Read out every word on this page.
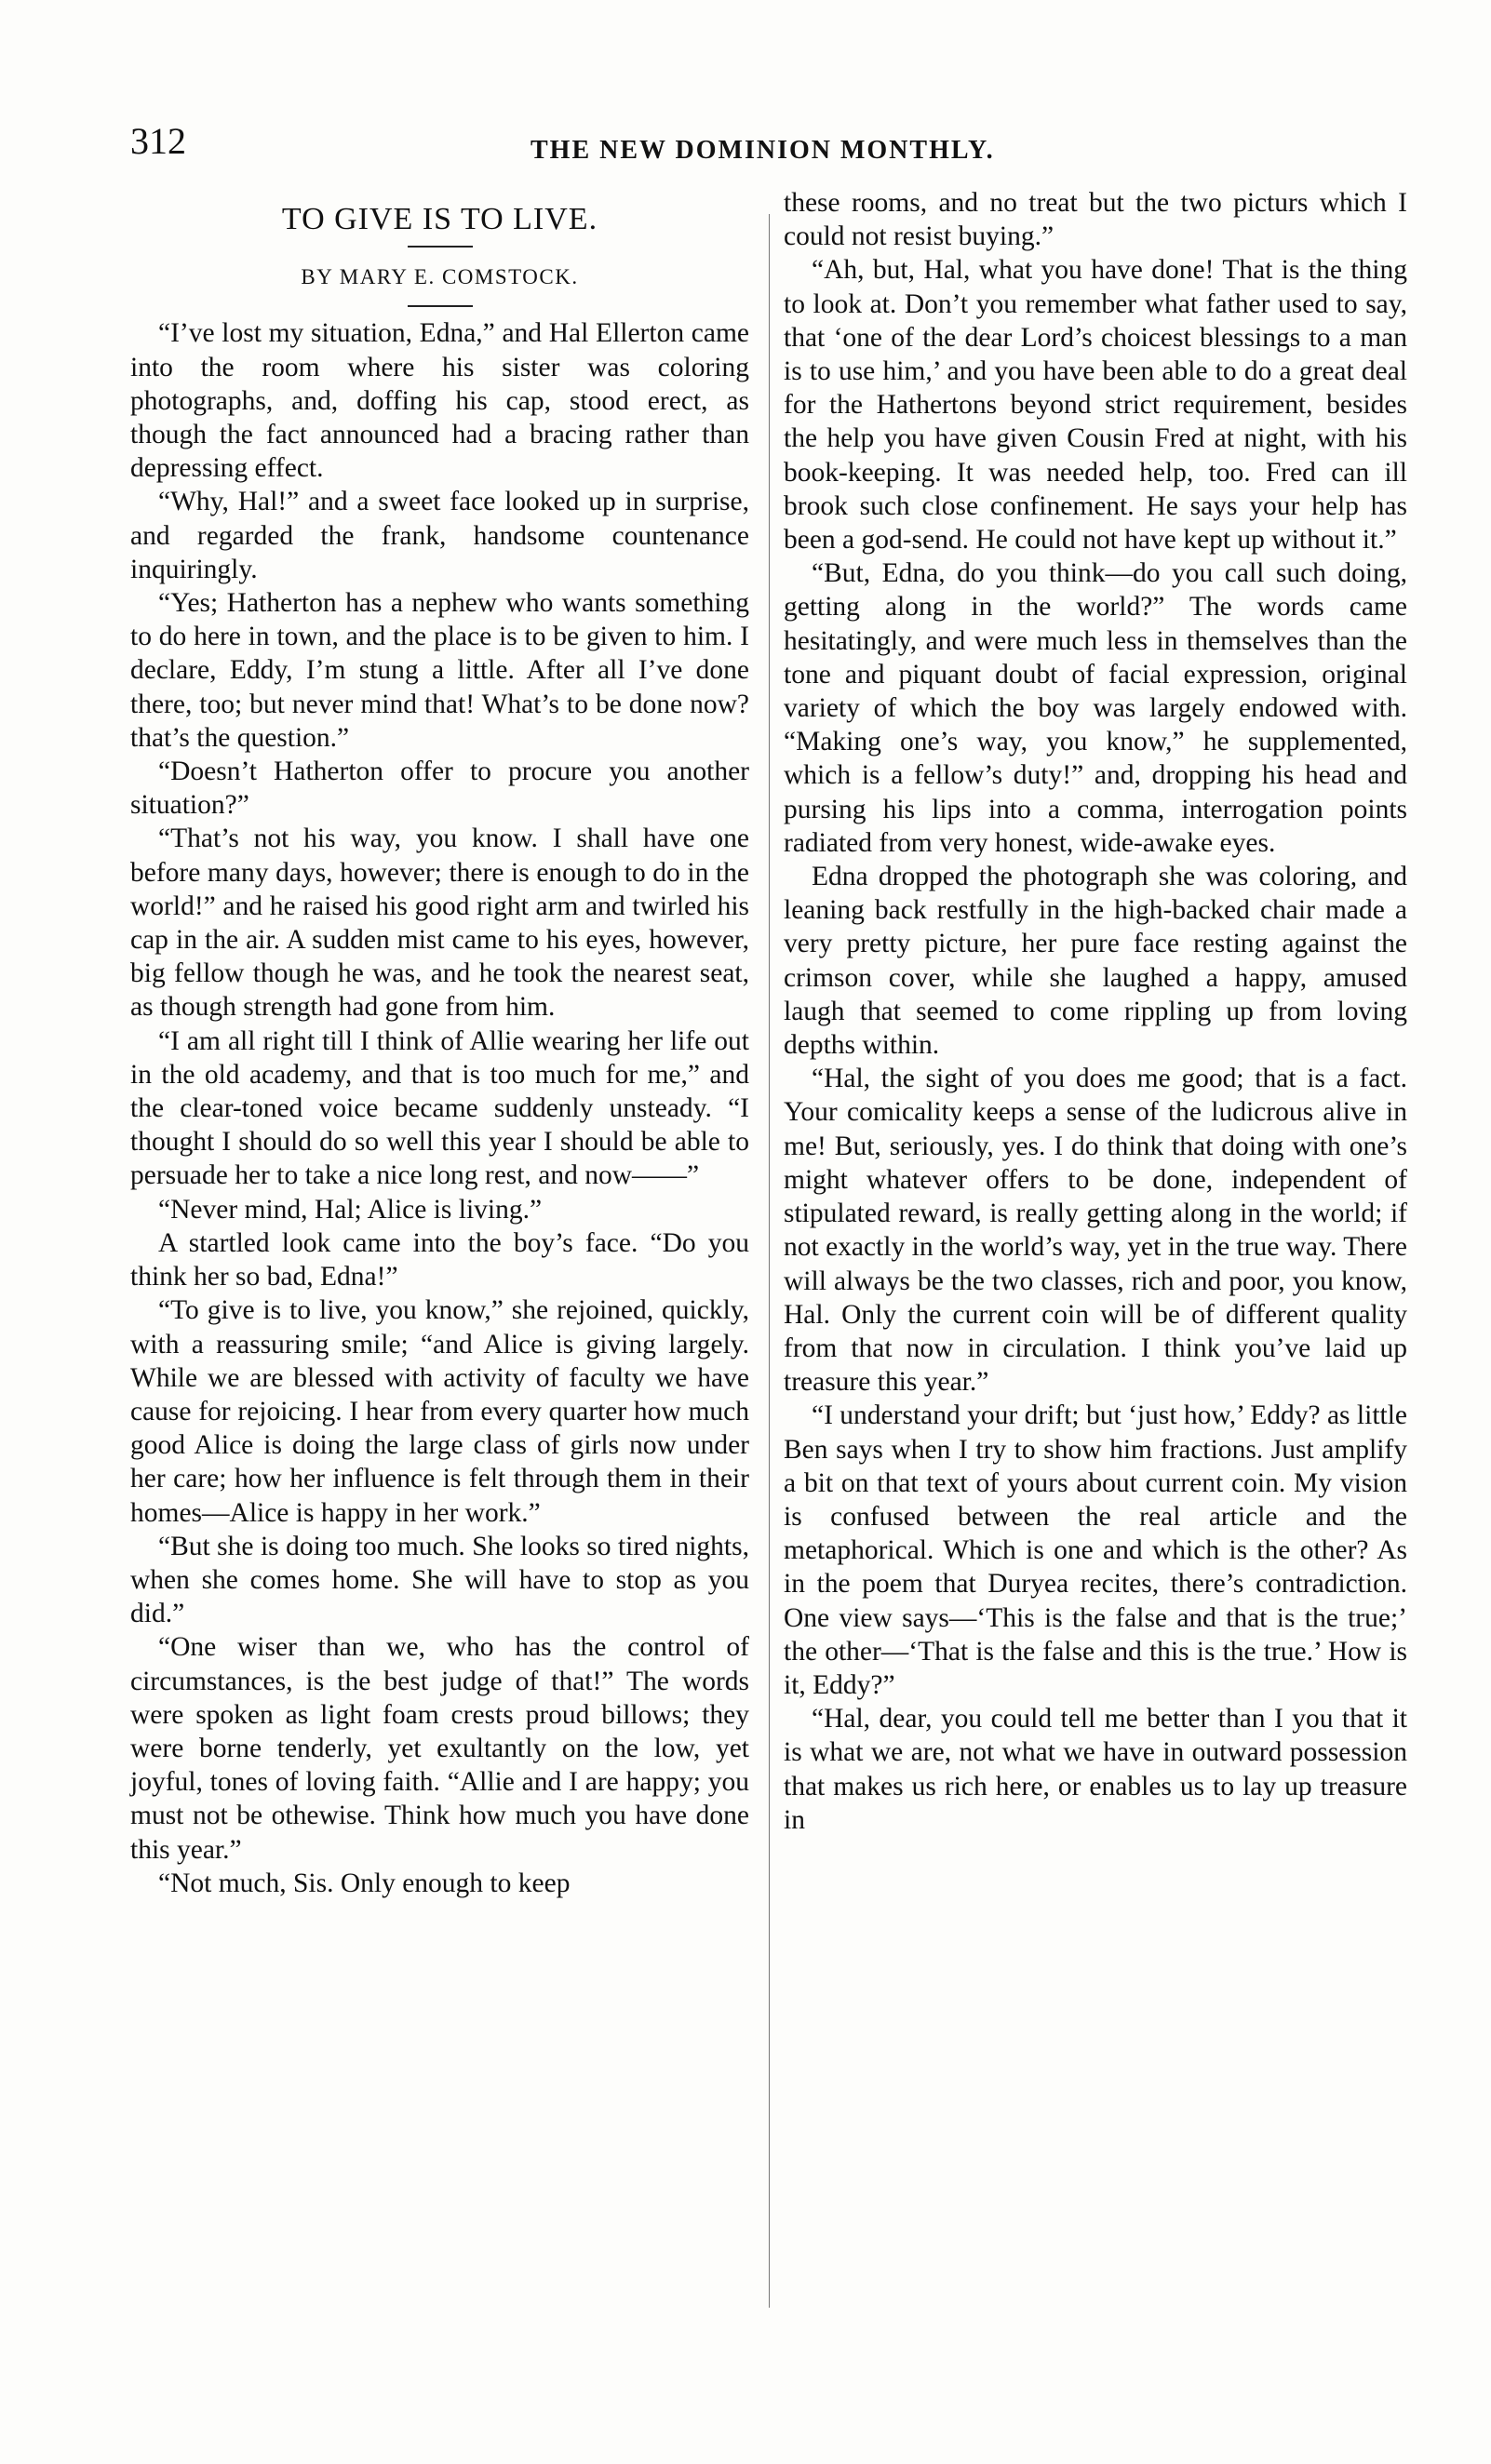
312	THE NEW DOMINION MONTHLY.
TO GIVE IS TO LIVE.
BY MARY E. COMSTOCK.

“I’ve lost my situation, Edna,” and Hal Ellerton came into the room where his sister was coloring photographs, and, doffing his cap, stood erect, as though the fact announced had a bracing rather than depressing effect.

“Why, Hal!” and a sweet face looked up in surprise, and regarded the frank, handsome countenance inquiringly.

“Yes; Hatherton has a nephew who wants something to do here in town, and the place is to be given to him. I declare, Eddy, I’m stung a little. After all I’ve done there, too; but never mind that! What’s to be done now? that’s the question.”

“Doesn’t Hatherton offer to procure you another situation?”

“That’s not his way, you know. I shall have one before many days, however; there is enough to do in the world!” and he raised his good right arm and twirled his cap in the air. A sudden mist came to his eyes, however, big fellow though he was, and he took the nearest seat, as though strength had gone from him.

“I am all right till I think of Allie wearing her life out in the old academy, and that is too much for me,” and the clear-toned voice became suddenly unsteady. “I thought I should do so well this year I should be able to persuade her to take a nice long rest, and now——”

“Never mind, Hal; Alice is living.”

A startled look came into the boy’s face. “Do you think her so bad, Edna!”

“To give is to live, you know,” she rejoined, quickly, with a reassuring smile; “and Alice is giving largely. While we are blessed with activity of faculty we have cause for rejoicing. I hear from every quarter how much good Alice is doing the large class of girls now under her care; how her influence is felt through them in their homes—Alice is happy in her work.”

“But she is doing too much. She looks so tired nights, when she comes home. She will have to stop as you did.”

“One wiser than we, who has the control of circumstances, is the best judge of that!” The words were spoken as light foam crests proud billows; they were borne tenderly, yet exultantly on the low, yet joyful, tones of loving faith. “Allie and I are happy; you must not be othewise. Think how much you have done this year.”

“Not much, Sis. Only enough to keep

these rooms, and no treat but the two picturs which I could not resist buying.”

“Ah, but, Hal, what you have done! That is the thing to look at. Don’t you remember what father used to say, that ‘one of the dear Lord’s choicest blessings to a man is to use him,’ and you have been able to do a great deal for the Hathertons beyond strict requirement, besides the help you have given Cousin Fred at night, with his book-keeping. It was needed help, too. Fred can ill brook such close confinement. He says your help has been a god-send. He could not have kept up without it.”

“But, Edna, do you think—do you call such doing, getting along in the world?” The words came hesitatingly, and were much less in themselves than the tone and piquant doubt of facial expression, original variety of which the boy was largely endowed with. “Making one’s way, you know,” he supplemented, which is a fellow’s duty!” and, dropping his head and pursing his lips into a comma, interrogation points radiated from very honest, wide-awake eyes.

Edna dropped the photograph she was coloring, and leaning back restfully in the high-backed chair made a very pretty picture, her pure face resting against the crimson cover, while she laughed a happy, amused laugh that seemed to come rippling up from loving depths within.

“Hal, the sight of you does me good; that is a fact. Your comicality keeps a sense of the ludicrous alive in me! But, seriously, yes. I do think that doing with one’s might whatever offers to be done, independent of stipulated reward, is really getting along in the world; if not exactly in the world’s way, yet in the true way. There will always be the two classes, rich and poor, you know, Hal. Only the current coin will be of different quality from that now in circulation. I think you’ve laid up treasure this year.”

“I understand your drift; but ‘just how,’ Eddy? as little Ben says when I try to show him fractions. Just amplify a bit on that text of yours about current coin. My vision is confused between the real article and the metaphorical. Which is one and which is the other? As in the poem that Duryea recites, there’s contradiction. One view says—‘This is the false and that is the true;’ the other—‘That is the false and this is the true.’ How is it, Eddy?”

“Hal, dear, you could tell me better than I you that it is what we are, not what we have in outward possession that makes us rich here, or enables us to lay up treasure in
